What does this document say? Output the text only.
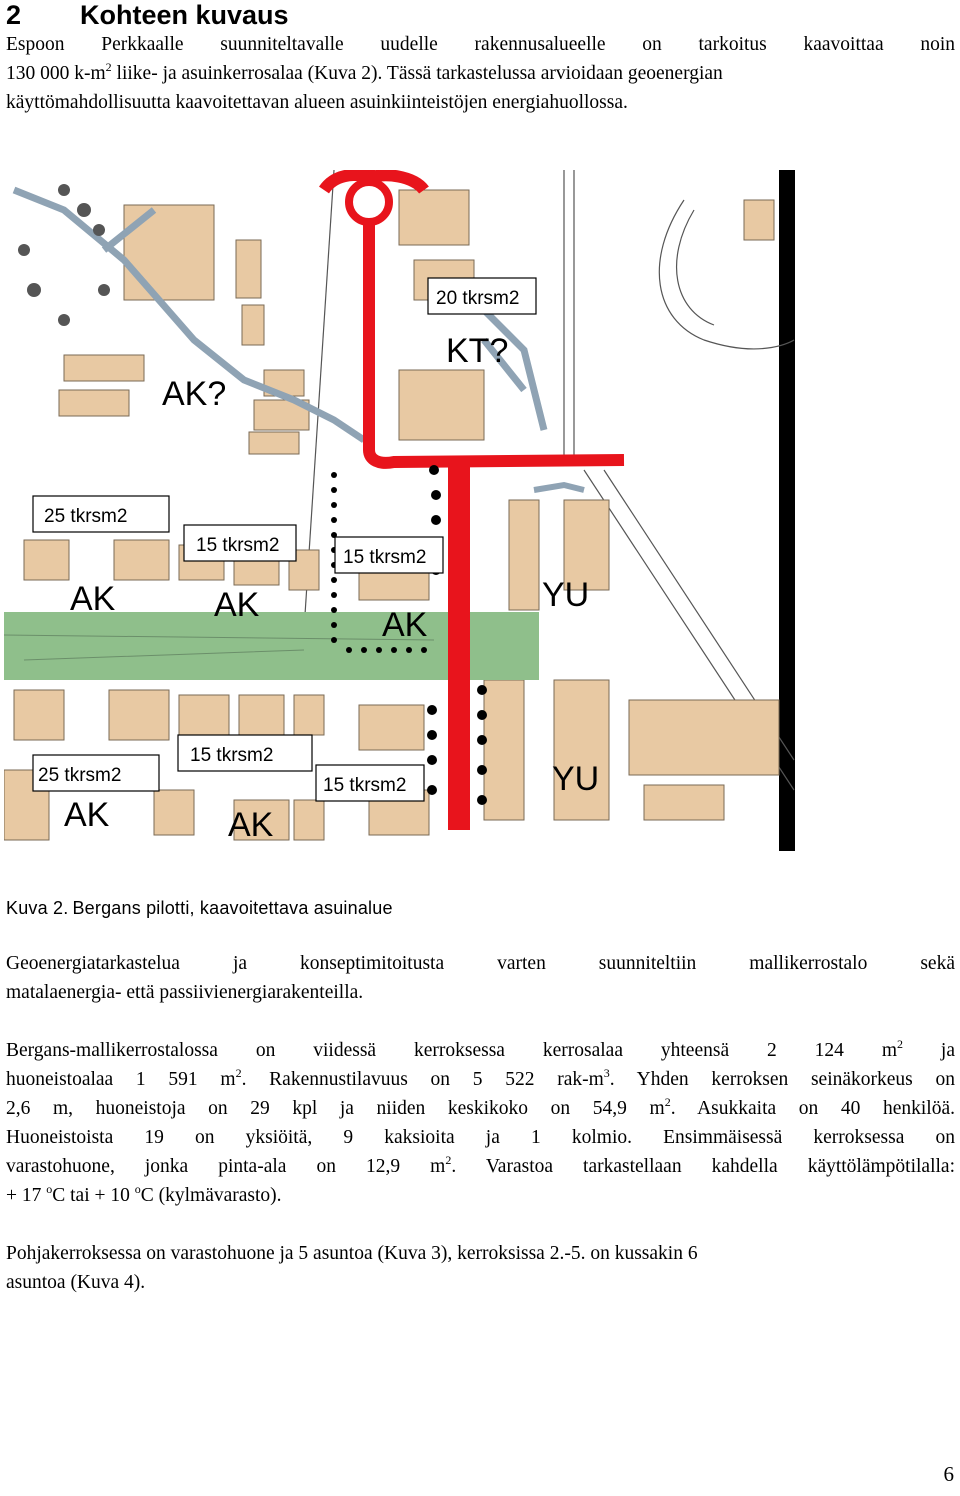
2 Kohteen kuvaus
Espoon Perkkaalle suunniteltavalle uudelle rakennusalueelle on tarkoitus kaavoittaa noin
130 000 $k-m^2$ liike- ja asuinkerrosalaa (Kuva 2). Tässä tarkastelussa arvioidaan geoenergian
käyttömahdollisuutta kaavoitettavan alueen asuinkiinteistöjen energiahuollossa.
20 tkrsm2
KT?
AK?
25 tkrsm2
15 tkrsm2
15 tkrsm2
AK	AK
AK
YU
25 tkrsm2
15 tkrsm2
15 tkrsm2	YU
AK	AK
Kuva 2. Bergans pilotti, kaavoitettava asuinalue
Geoenergiatarkastelua ja konseptimitoitusta varten suunniteltiin mallikerrostalo sekä
matalaenergia- että passiivienergiarakenteilla.
Bergans-mallikerrostalossa on viidessä kerroksessa kerrosalaa yhteensä 2 124 $m^2$ ja
huoneistoalaa 1 591 $m^2$. Rakennustilavuus on 5 522 rak-$m^3$. Yhden kerroksen seinäkorkeus on
2,6 m, huoneistoja on 29 kpl ja niiden keskikoko on 54,9 $m^2$. Asukkaita on 40 henkilöä.
Huoneistoista 19 on yksiöitä, 9 kaksioita ja 1 kolmio. Ensimmäisessä kerroksessa on
varastohuone, jonka pinta-ala on 12,9 $m^2$. Varastoa tarkastellaan kahdella käyttölämpötilalla:
+ 17 $^o$C tai + 10 $^o$C (kylmävarasto).
Pohjakerroksessa on varastohuone ja 5 asuntoa (Kuva 3), kerroksissa 2.-5. on kussakin 6
asuntoa (Kuva 4).
6
